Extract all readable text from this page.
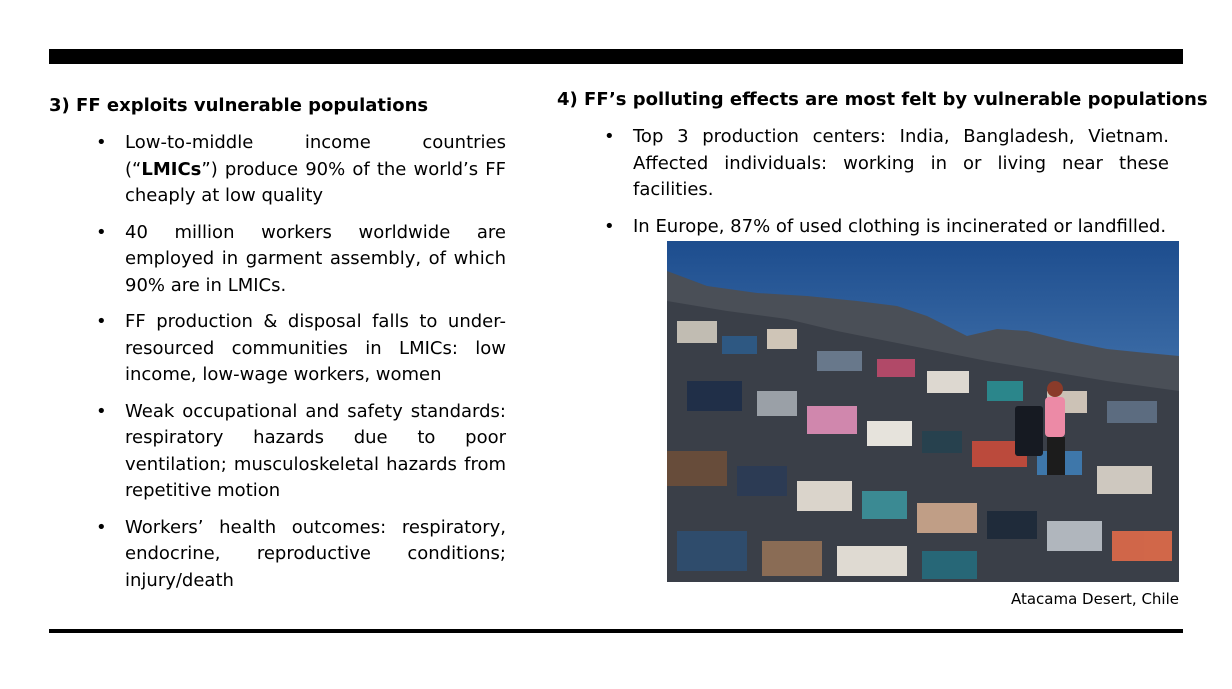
3) FF exploits vulnerable populations
• Low-to-middle income countries (“LMICs”) produce 90% of the world’s FF cheaply at low quality
• 40 million workers worldwide are employed in garment assembly, of which 90% are in LMICs.
• FF production & disposal falls to under-resourced communities in LMICs: low income, low-wage workers, women
• Weak occupational and safety standards: respiratory hazards due to poor ventilation; musculoskeletal hazards from repetitive motion
• Workers’ health outcomes: respiratory, endocrine, reproductive conditions; injury/death
4) FF’s polluting effects are most felt by vulnerable populations
• Top 3 production centers: India, Bangladesh, Vietnam. Affected individuals: working in or living near these facilities.
• In Europe, 87% of used clothing is incinerated or landfilled.
Atacama Desert, Chile
